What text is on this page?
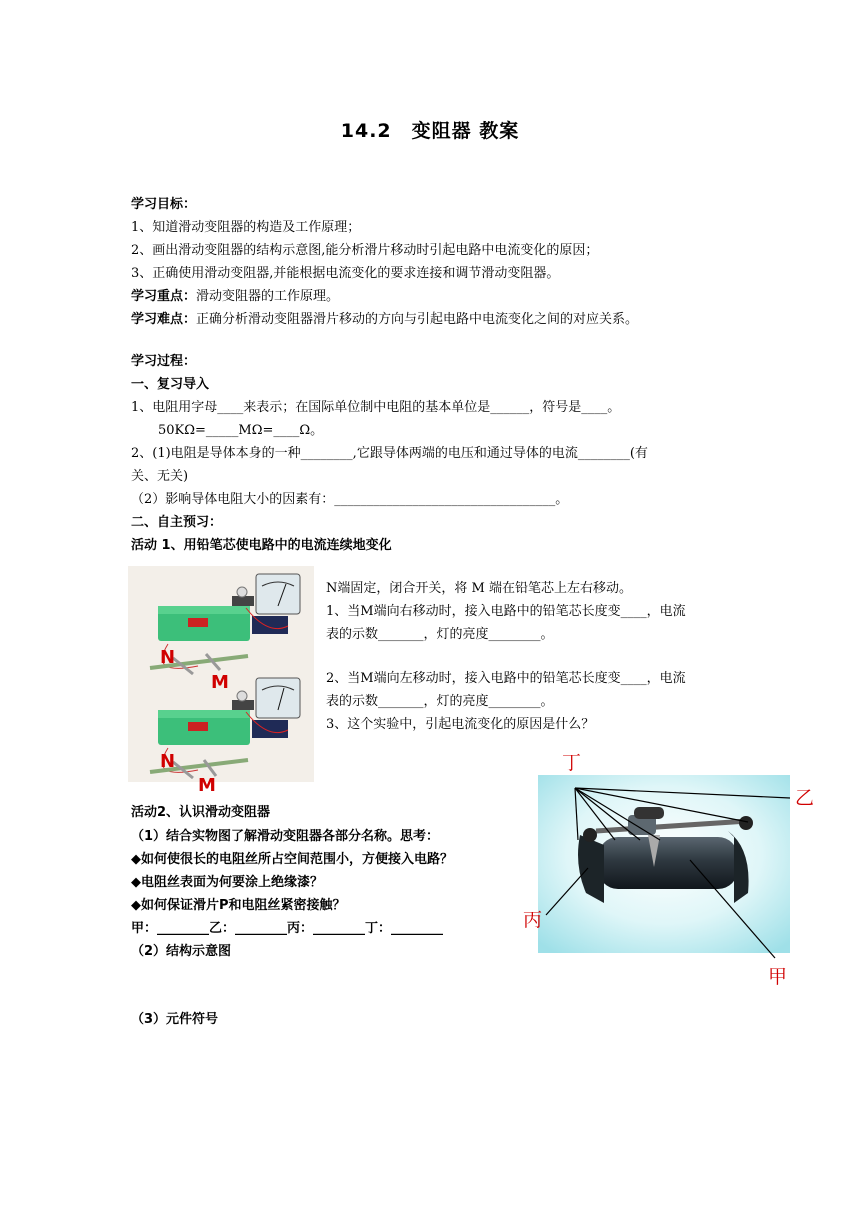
14.2　变阻器 教案
学习目标：
1、知道滑动变阻器的构造及工作原理；
2、画出滑动变阻器的结构示意图,能分析滑片移动时引起电路中电流变化的原因；
3、正确使用滑动变阻器,并能根据电流变化的要求连接和调节滑动变阻器。
学习重点：滑动变阻器的工作原理。
学习难点：正确分析滑动变阻器滑片移动的方向与引起电路中电流变化之间的对应关系。
学习过程：
一、复习导入
1、电阻用字母____来表示；在国际单位制中电阻的基本单位是______，符号是____。
50KΩ=_____MΩ=____Ω。
2、(1)电阻是导体本身的一种________,它跟导体两端的电压和通过导体的电流________(有
关、无关)
（2）影响导体电阻大小的因素有：__________________________________。
二、自主预习：
活动 1、用铅笔芯使电路中的电流连续地变化
N
M
N
M
N端固定，闭合开关，将 M 端在铅笔芯上左右移动。
1、当M端向右移动时，接入电路中的铅笔芯长度变____，电流
表的示数_______，灯的亮度________。
2、当M端向左移动时，接入电路中的铅笔芯长度变____，电流
表的示数_______，灯的亮度________。
3、这个实验中，引起电流变化的原因是什么？
活动2、认识滑动变阻器
（1）结合实物图了解滑动变阻器各部分名称。思考：
◆如何使很长的电阻丝所占空间范围小，方便接入电路？
◆电阻丝表面为何要涂上绝缘漆？
◆如何保证滑片P和电阻丝紧密接触？
甲：________乙：________丙：________丁：________
（2）结构示意图
（3）元件符号
丁
乙
丙
甲
